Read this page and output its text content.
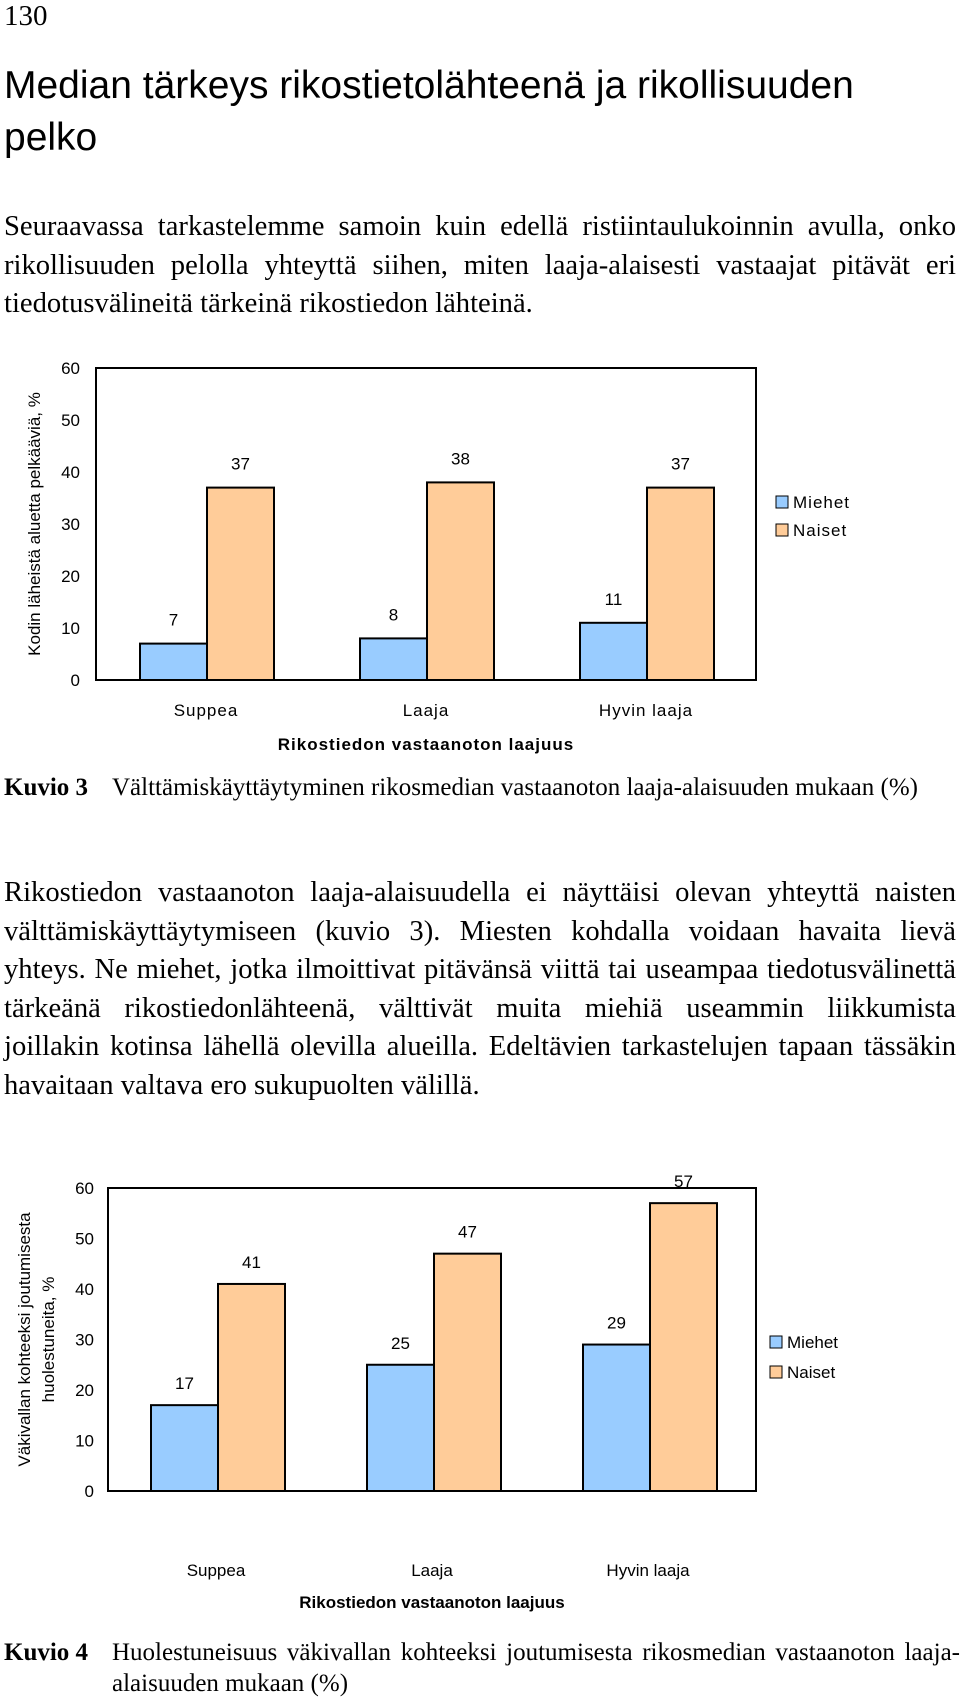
130
Median tärkeys rikostietolähteenä ja rikollisuuden pelko
Seuraavassa tarkastelemme samoin kuin edellä ristiintaulukoinnin avulla, onko rikollisuuden pelolla yhteyttä siihen, miten laaja-alaisesti vastaajat pitävät eri tiedotusvälineitä tärkeinä rikostiedon lähteinä.
0
10
20
30
40
50
60
Kodin läheistä aluetta pelkääviä, %	7
37
Suppea
8
38
Laaja
11
37
Hyvin laaja
Rikostiedon vastaanoton laajuus
Miehet
Naiset
Kuvio 3 Välttämiskäyttäytyminen rikosmedian vastaanoton laaja-alaisuuden mukaan (%)
Rikostiedon vastaanoton laaja-alaisuudella ei näyttäisi olevan yhteyttä naisten välttämiskäyttäytymiseen (kuvio 3). Miesten kohdalla voidaan havaita lievä yhteys. Ne miehet, jotka ilmoittivat pitävänsä viittä tai useampaa tiedotusvälinettä tärkeänä rikostiedonlähteenä, välttivät muita miehiä useammin liikkumista joillakin kotinsa lähellä olevilla alueilla. Edeltävien tarkastelujen tapaan tässäkin havaitaan valtava ero sukupuolten välillä.
0
10
20
30
40
50
60
Väkivallan kohteeksi joutumisesta huolestuneita, %	17
41
Suppea
25
47
Laaja
29
57
Hyvin laaja
Rikostiedon vastaanoton laajuus
Miehet
Naiset
Kuvio 4 Huolestuneisuus väkivallan kohteeksi joutumisesta rikosmedian vastaanoton laaja-alaisuuden mukaan (%)
